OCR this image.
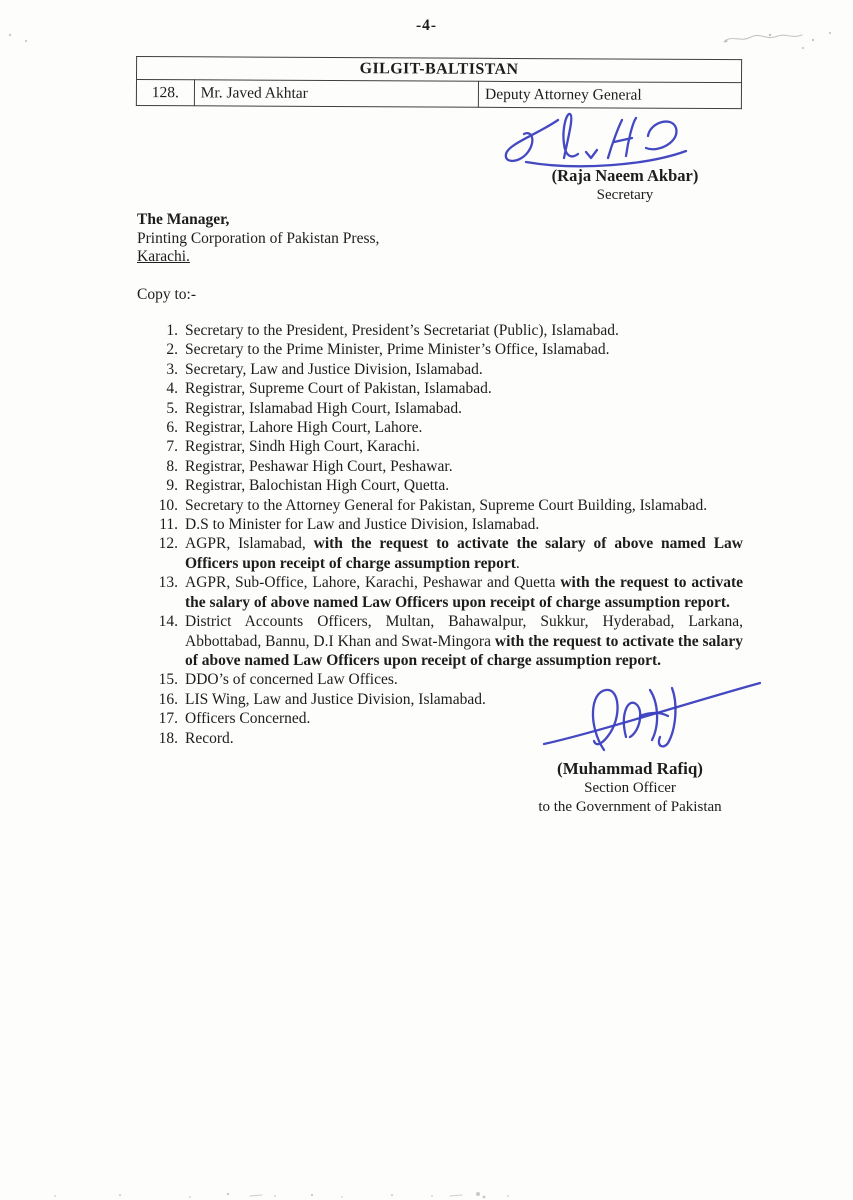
-4-
GILGIT-BALTISTAN
128.	Mr. Javed Akhtar	Deputy Attorney General
(Raja Naeem Akbar)
Secretary
The Manager,
Printing Corporation of Pakistan Press,
Karachi.
Copy to:-
1. Secretary to the President, President’s Secretariat (Public), Islamabad.
2. Secretary to the Prime Minister, Prime Minister’s Office, Islamabad.
3. Secretary, Law and Justice Division, Islamabad.
4. Registrar, Supreme Court of Pakistan, Islamabad.
5. Registrar, Islamabad High Court, Islamabad.
6. Registrar, Lahore High Court, Lahore.
7. Registrar, Sindh High Court, Karachi.
8. Registrar, Peshawar High Court, Peshawar.
9. Registrar, Balochistan High Court, Quetta.
10. Secretary to the Attorney General for Pakistan, Supreme Court Building, Islamabad.
11. D.S to Minister for Law and Justice Division, Islamabad.
12. AGPR, Islamabad, with the request to activate the salary of above named Law Officers upon receipt of charge assumption report.
13. AGPR, Sub-Office, Lahore, Karachi, Peshawar and Quetta with the request to activate the salary of above named Law Officers upon receipt of charge assumption report.
14. District Accounts Officers, Multan, Bahawalpur, Sukkur, Hyderabad, Larkana, Abbottabad, Bannu, D.I Khan and Swat-Mingora with the request to activate the salary of above named Law Officers upon receipt of charge assumption report.
15. DDO’s of concerned Law Offices.
16. LIS Wing, Law and Justice Division, Islamabad.
17. Officers Concerned.
18. Record.
(Muhammad Rafiq)
Section Officer
to the Government of Pakistan
